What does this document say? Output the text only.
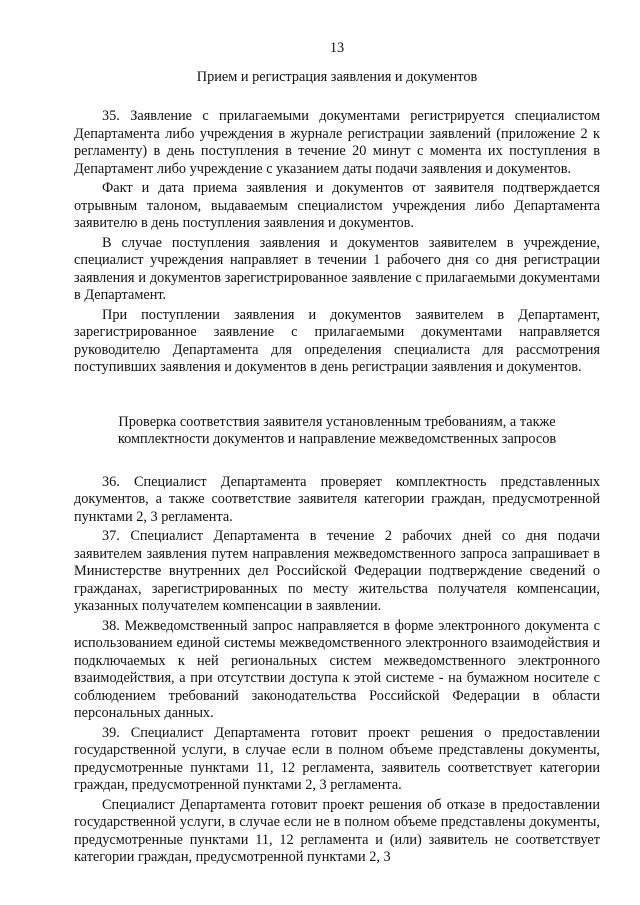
13
Прием и регистрация заявления и документов

35. Заявление с прилагаемыми документами регистрируется специалистом Департамента либо учреждения в журнале регистрации заявлений (приложение 2 к регламенту) в день поступления в течение 20 минут с момента их поступления в Департамент либо учреждение с указанием даты подачи заявления и документов.

Факт и дата приема заявления и документов от заявителя подтверждается отрывным талоном, выдаваемым специалистом учреждения либо Департамента заявителю в день поступления заявления и документов.

В случае поступления заявления и документов заявителем в учреждение, специалист учреждения направляет в течении 1 рабочего дня со дня регистрации заявления и документов зарегистрированное заявление с прилагаемыми документами в Департамент.

При поступлении заявления и документов заявителем в Департамент, зарегистрированное заявление с прилагаемыми документами направляется руководителю Департамента для определения специалиста для рассмотрения поступивших заявления и документов в день регистрации заявления и документов.

Проверка соответствия заявителя установленным требованиям, а также
комплектности документов и направление межведомственных запросов

36. Специалист Департамента проверяет комплектность представленных документов, а также соответствие заявителя категории граждан, предусмотренной пунктами 2, 3 регламента.

37. Специалист Департамента в течение 2 рабочих дней со дня подачи заявителем заявления путем направления межведомственного запроса запрашивает в Министерстве внутренних дел Российской Федерации подтверждение сведений о гражданах, зарегистрированных по месту жительства получателя компенсации, указанных получателем компенсации в заявлении.

38. Межведомственный запрос направляется в форме электронного документа с использованием единой системы межведомственного электронного взаимодействия и подключаемых к ней региональных систем межведомственного электронного взаимодействия, а при отсутствии доступа к этой системе - на бумажном носителе с соблюдением требований законодательства Российской Федерации в области персональных данных.

39. Специалист Департамента готовит проект решения о предоставлении государственной услуги, в случае если в полном объеме представлены документы, предусмотренные пунктами 11, 12 регламента, заявитель соответствует категории граждан, предусмотренной пунктами 2, 3 регламента.

Специалист Департамента готовит проект решения об отказе в предоставлении государственной услуги, в случае если не в полном объеме представлены документы, предусмотренные пунктами 11, 12 регламента и (или) заявитель не соответствует категории граждан, предусмотренной пунктами 2, 3
